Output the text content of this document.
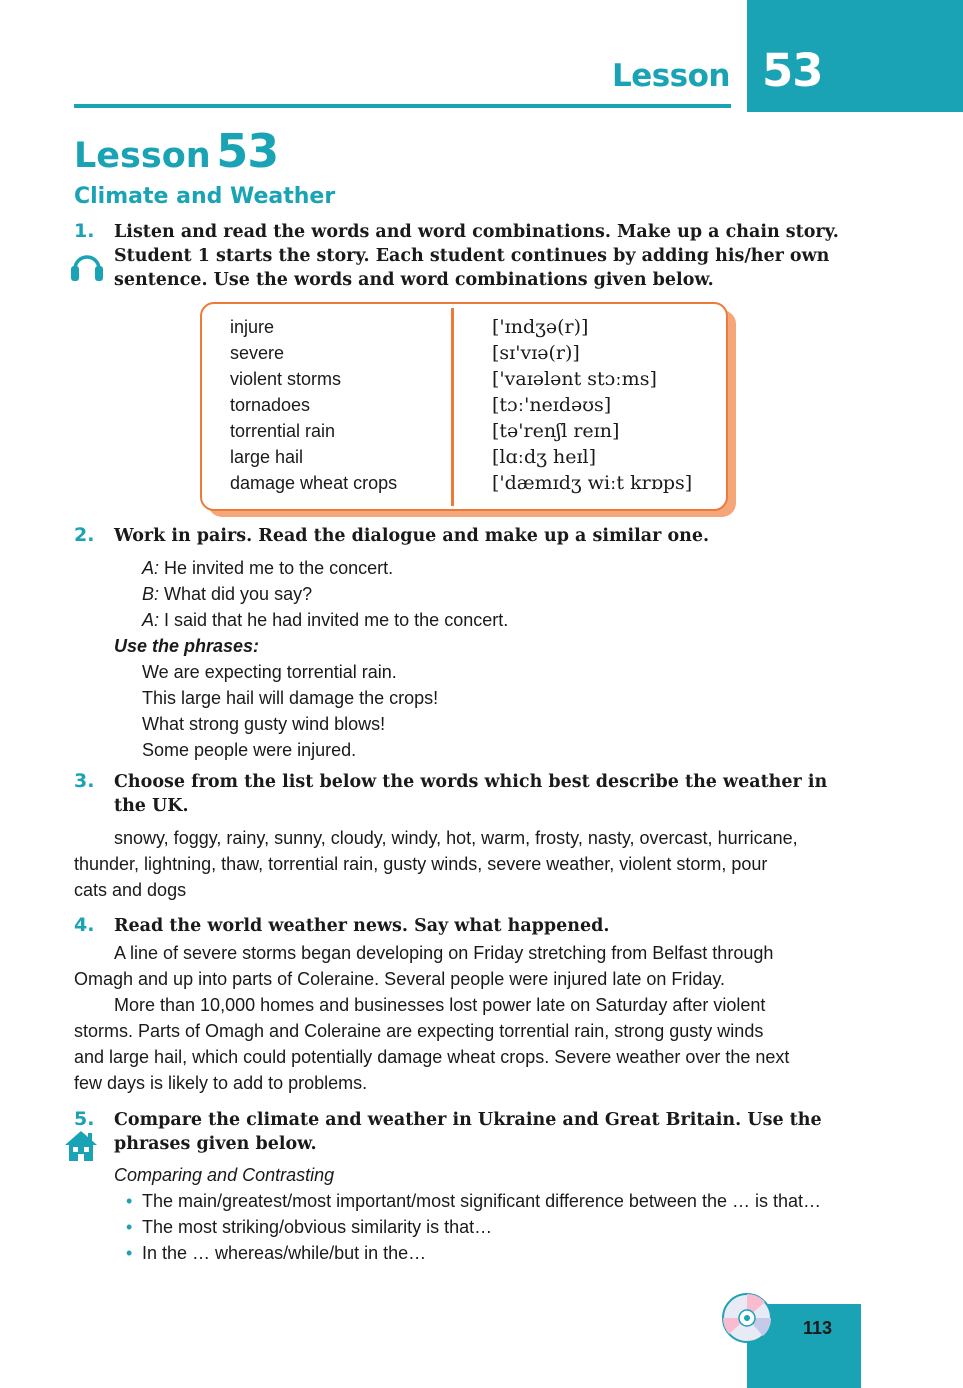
Lesson 53
Lesson 53
Climate and Weather
1. Listen and read the words and word combinations. Make up a chain story.
Student 1 starts the story. Each student continues by adding his/her own
sentence. Use the words and word combinations given below.
injure
severe
violent storms
tornadoes
torrential rain
large hail
damage wheat crops
['ɪndʒə(r)]
[sɪ'vɪə(r)]
['vaɪələnt stɔːms]
[tɔː'neɪdəʊs]
[tə'renʃl reɪn]
[lɑːdʒ heɪl]
['dæmɪdʒ wiːt krɒps]
2. Work in pairs. Read the dialogue and make up a similar one.
A: He invited me to the concert.
B: What did you say?
A: I said that he had invited me to the concert.
Use the phrases:
We are expecting torrential rain.
This large hail will damage the crops!
What strong gusty wind blows!
Some people were injured.
3. Choose from the list below the words which best describe the weather in
the UK.
snowy, foggy, rainy, sunny, cloudy, windy, hot, warm, frosty, nasty, overcast, hurricane,
thunder, lightning, thaw, torrential rain, gusty winds, severe weather, violent storm, pour
cats and dogs
4. Read the world weather news. Say what happened.
A line of severe storms began developing on Friday stretching from Belfast through
Omagh and up into parts of Coleraine. Several people were injured late on Friday.
More than 10,000 homes and businesses lost power late on Saturday after violent
storms. Parts of Omagh and Coleraine are expecting torrential rain, strong gusty winds
and large hail, which could potentially damage wheat crops. Severe weather over the next
few days is likely to add to problems.
5. Compare the climate and weather in Ukraine and Great Britain. Use the
phrases given below.
Comparing and Contrasting
• The main/greatest/most important/most significant difference between the … is that…
• The most striking/obvious similarity is that…
• In the … whereas/while/but in the…
113
